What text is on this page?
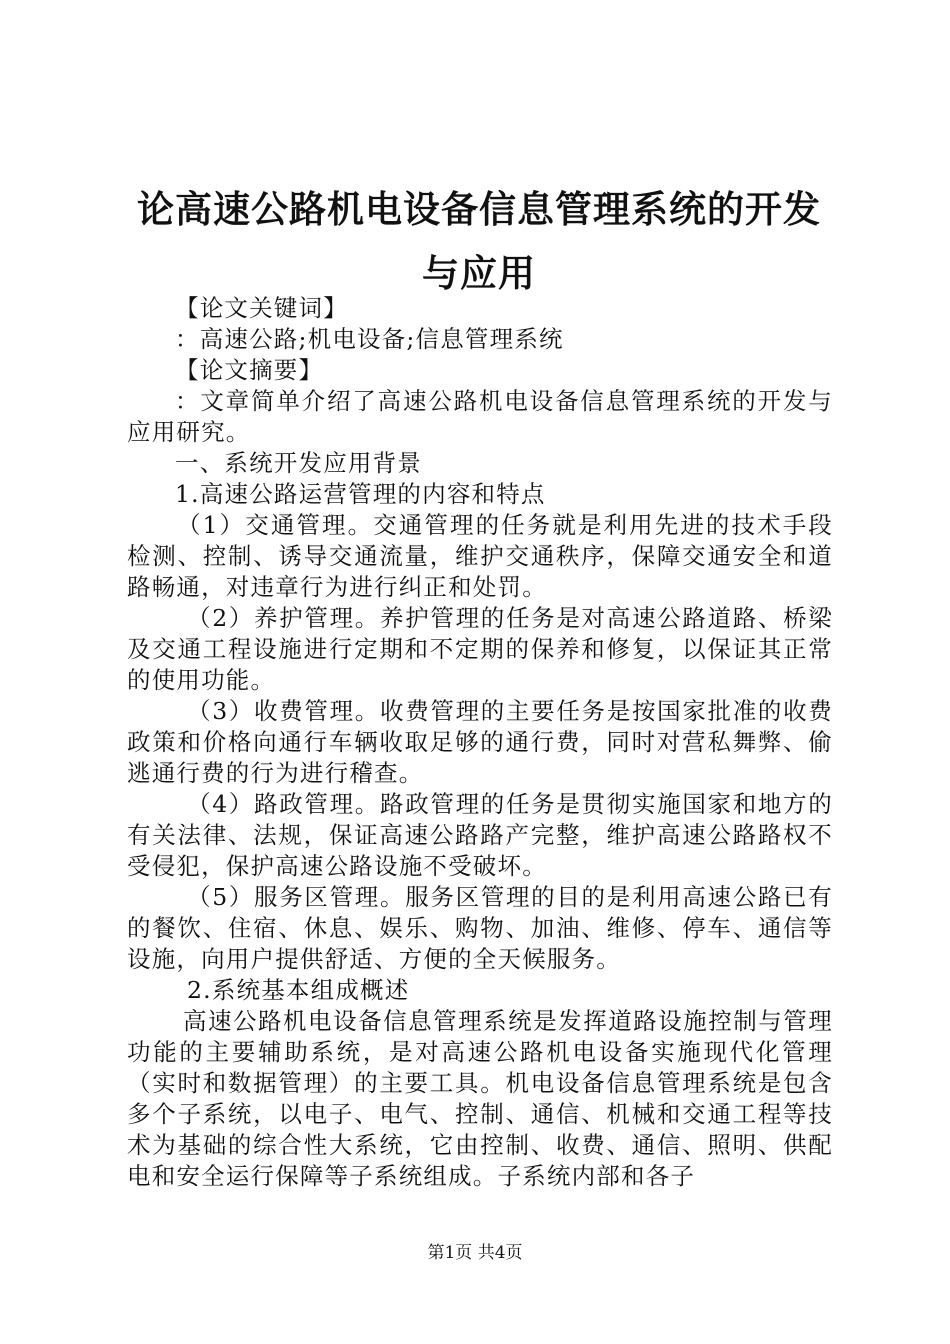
论高速公路机电设备信息管理系统的开发与应用

【论文关键词】

：高速公路;机电设备;信息管理系统

【论文摘要】

：文章简单介绍了高速公路机电设备信息管理系统的开发与应用研究。

一、系统开发应用背景

1.高速公路运营管理的内容和特点

（1）交通管理。交通管理的任务就是利用先进的技术手段检测、控制、诱导交通流量，维护交通秩序，保障交通安全和道路畅通，对违章行为进行纠正和处罚。

（2）养护管理。养护管理的任务是对高速公路道路、桥梁及交通工程设施进行定期和不定期的保养和修复，以保证其正常的使用功能。

（3）收费管理。收费管理的主要任务是按国家批准的收费政策和价格向通行车辆收取足够的通行费，同时对营私舞弊、偷逃通行费的行为进行稽查。

（4）路政管理。路政管理的任务是贯彻实施国家和地方的有关法律、法规，保证高速公路路产完整，维护高速公路路权不受侵犯，保护高速公路设施不受破坏。

（5）服务区管理。服务区管理的目的是利用高速公路已有的餐饮、住宿、休息、娱乐、购物、加油、维修、停车、通信等设施，向用户提供舒适、方便的全天候服务。

2.系统基本组成概述

高速公路机电设备信息管理系统是发挥道路设施控制与管理功能的主要辅助系统，是对高速公路机电设备实施现代化管理（实时和数据管理）的主要工具。机电设备信息管理系统是包含多个子系统，以电子、电气、控制、通信、机械和交通工程等技术为基础的综合性大系统，它由控制、收费、通信、照明、供配电和安全运行保障等子系统组成。子系统内部和各子

第1页 共4页
